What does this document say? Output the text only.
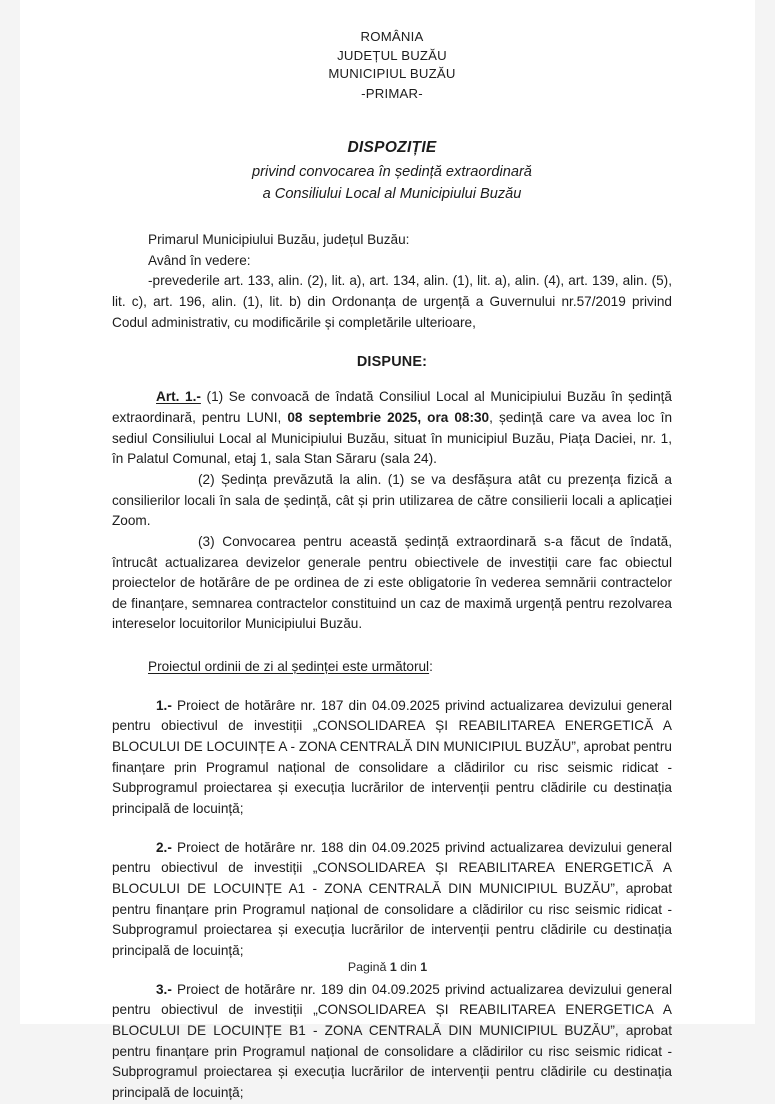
ROMÂNIA
JUDEȚUL BUZĂU
MUNICIPIUL BUZĂU
-PRIMAR-
DISPOZIȚIE
privind convocarea în ședință extraordinară
a Consiliului Local al Municipiului Buzău

Primarul Municipiului Buzău, județul Buzău:

Având în vedere:

-prevederile art. 133, alin. (2), lit. a), art. 134, alin. (1), lit. a), alin. (4), art. 139, alin. (5), lit. c), art. 196, alin. (1), lit. b) din Ordonanța de urgență a Guvernului nr.57/2019 privind Codul administrativ, cu modificările și completările ulterioare,

DISPUNE:

Art. 1.- (1) Se convoacă de îndată Consiliul Local al Municipiului Buzău în ședință extraordinară, pentru LUNI, 08 septembrie 2025, ora 08:30, ședință care va avea loc în sediul Consiliului Local al Municipiului Buzău, situat în municipiul Buzău, Piața Daciei, nr. 1, în Palatul Comunal, etaj 1, sala Stan Săraru (sala 24).

(2) Ședința prevăzută la alin. (1) se va desfășura atât cu prezența fizică a consilierilor locali în sala de ședință, cât și prin utilizarea de către consilierii locali a aplicației Zoom.

(3) Convocarea pentru această ședință extraordinară s-a făcut de îndată, întrucât actualizarea devizelor generale pentru obiectivele de investiții care fac obiectul proiectelor de hotărâre de pe ordinea de zi este obligatorie în vederea semnării contractelor de finanțare, semnarea contractelor constituind un caz de maximă urgență pentru rezolvarea intereselor locuitorilor Municipiului Buzău.

Proiectul ordinii de zi al ședinței este următorul:

1.- Proiect de hotărâre nr. 187 din 04.09.2025 privind actualizarea devizului general pentru obiectivul de investiții „CONSOLIDAREA ȘI REABILITAREA ENERGETICĂ A BLOCULUI DE LOCUINȚE A - ZONA CENTRALĂ DIN MUNICIPIUL BUZĂU”, aprobat pentru finanțare prin Programul național de consolidare a clădirilor cu risc seismic ridicat - Subprogramul proiectarea și execuția lucrărilor de intervenții pentru clădirile cu destinația principală de locuință;

2.- Proiect de hotărâre nr. 188 din 04.09.2025 privind actualizarea devizului general pentru obiectivul de investiții „CONSOLIDAREA ȘI REABILITAREA ENERGETICĂ A BLOCULUI DE LOCUINȚE A1 - ZONA CENTRALĂ DIN MUNICIPIUL BUZĂU”, aprobat pentru finanțare prin Programul național de consolidare a clădirilor cu risc seismic ridicat - Subprogramul proiectarea și execuția lucrărilor de intervenții pentru clădirile cu destinația principală de locuință;

3.- Proiect de hotărâre nr. 189 din 04.09.2025 privind actualizarea devizului general pentru obiectivul de investiții „CONSOLIDAREA ȘI REABILITAREA ENERGETICA A BLOCULUI DE LOCUINȚE B1 - ZONA CENTRALĂ DIN MUNICIPIUL BUZĂU”, aprobat pentru finanțare prin Programul național de consolidare a clădirilor cu risc seismic ridicat - Subprogramul proiectarea și execuția lucrărilor de intervenții pentru clădirile cu destinația principală de locuință;

Paginǎ 1 din 1
